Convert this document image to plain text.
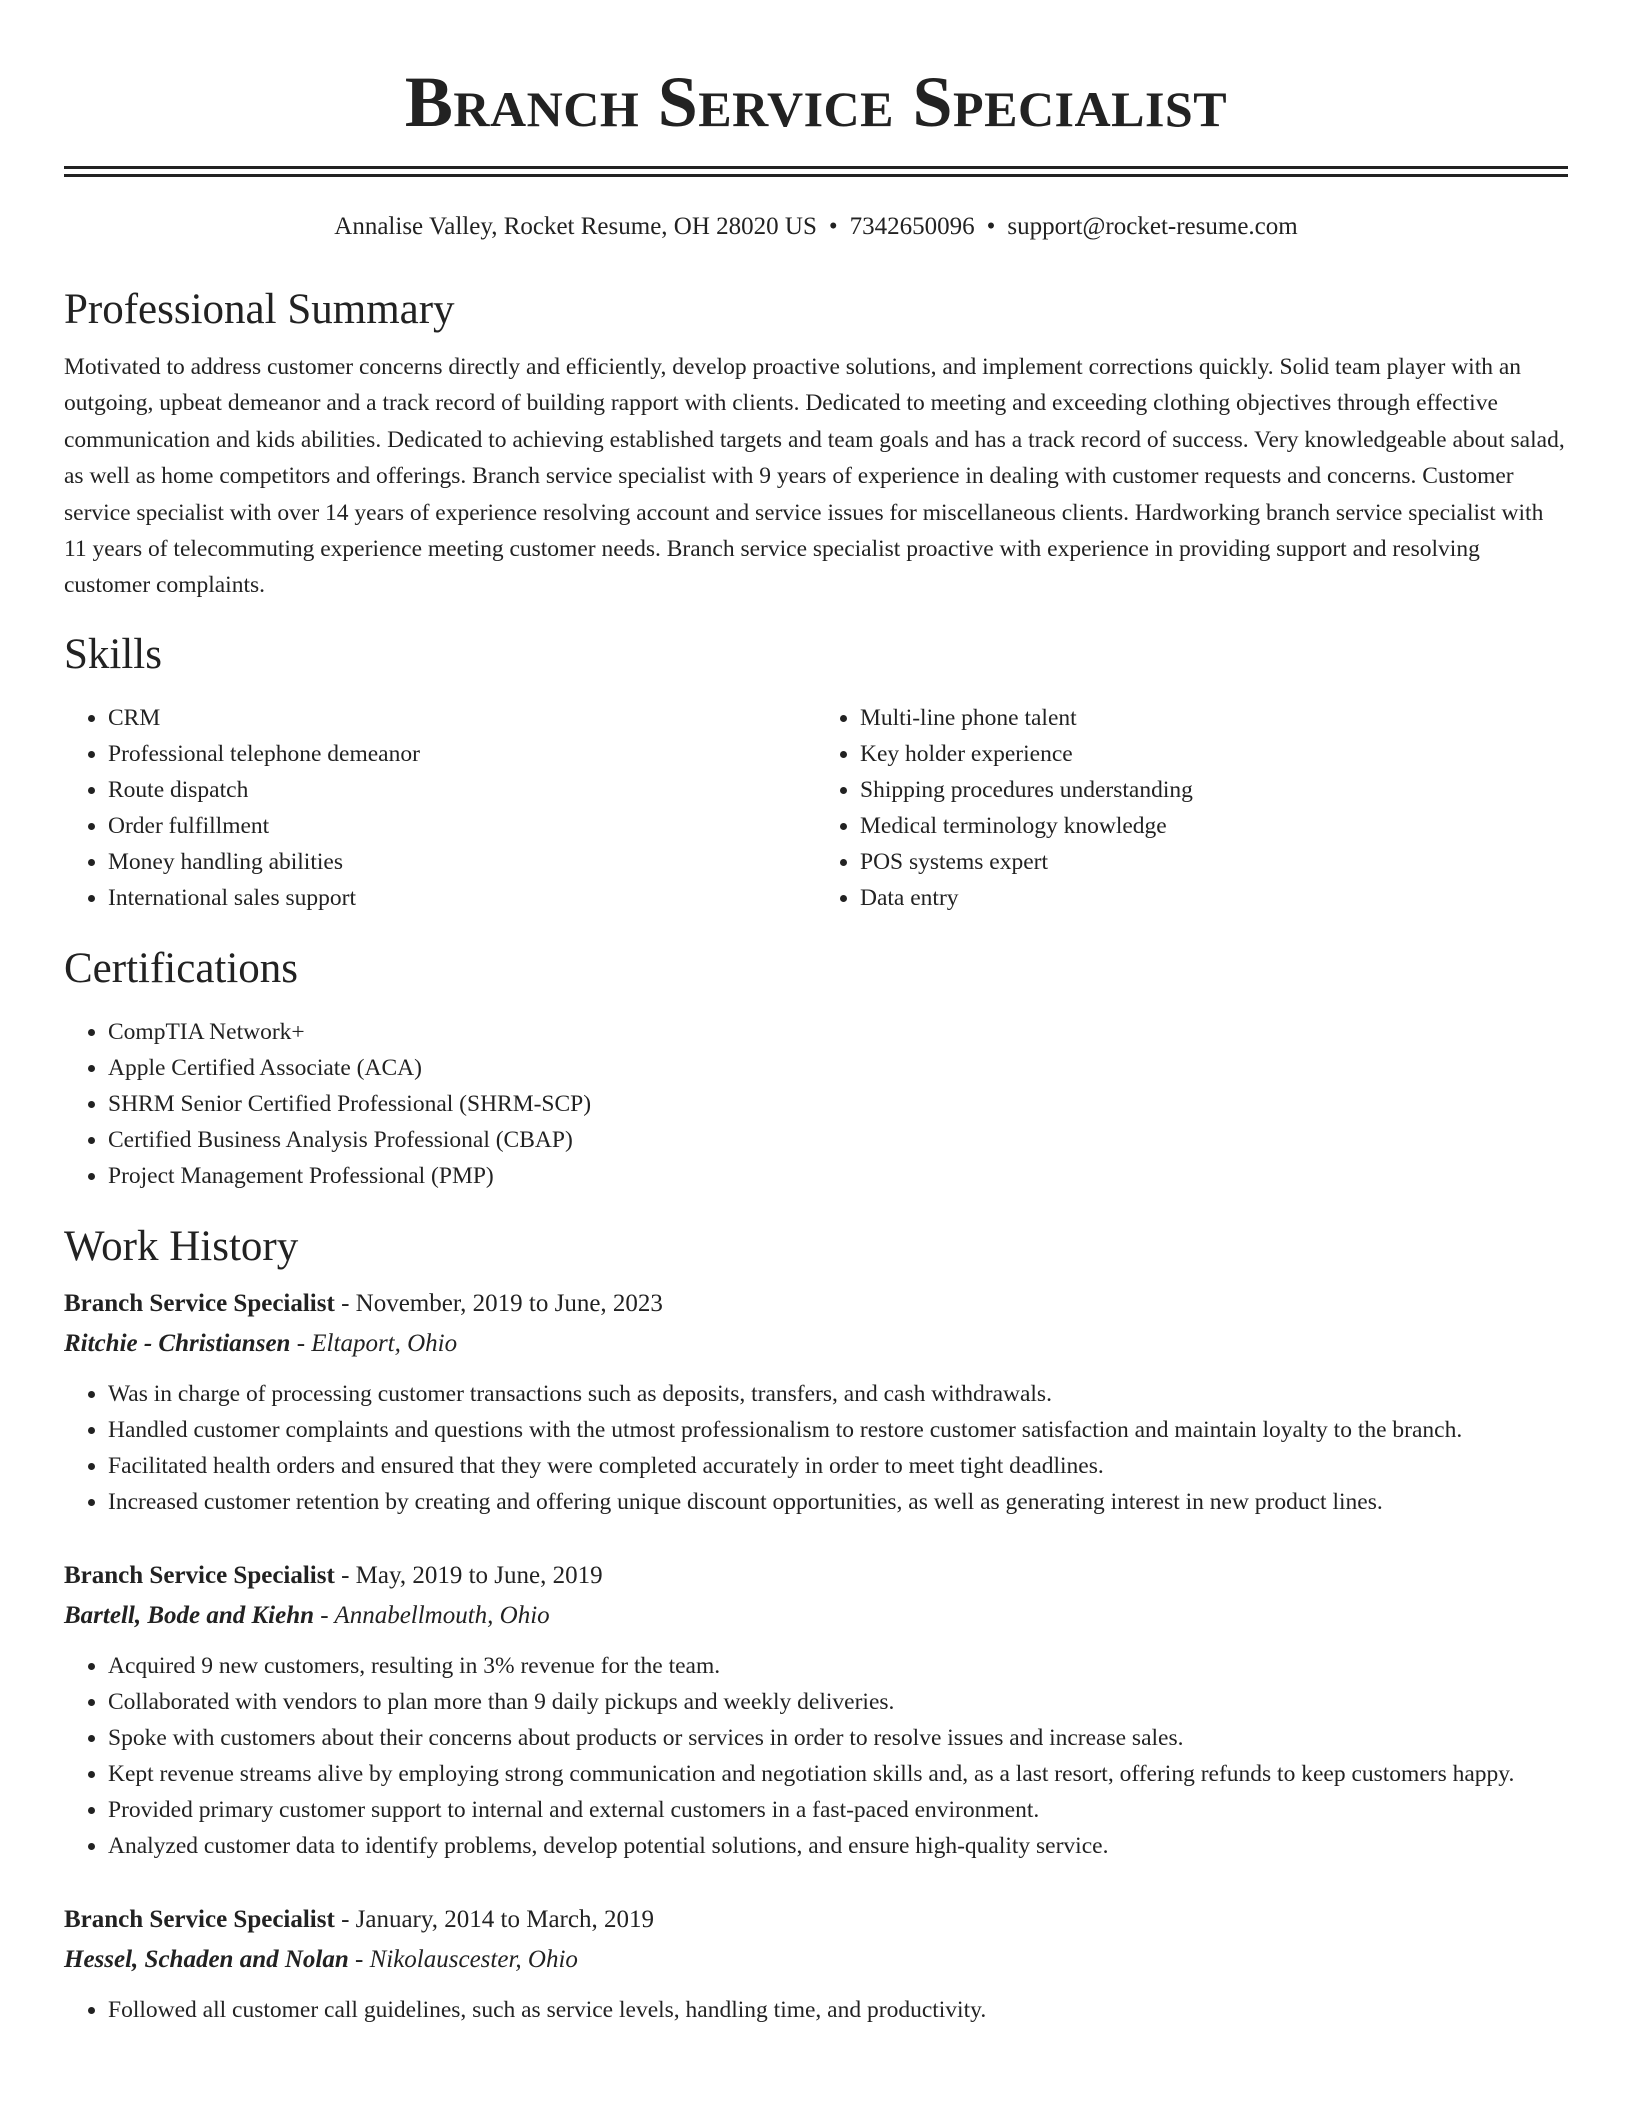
Branch Service Specialist
Annalise Valley, Rocket Resume, OH 28020 US • 7342650096 • support@rocket-resume.com
Professional Summary

Motivated to address customer concerns directly and efficiently, develop proactive solutions, and implement corrections quickly. Solid team player with an outgoing, upbeat demeanor and a track record of building rapport with clients. Dedicated to meeting and exceeding clothing objectives through effective communication and kids abilities. Dedicated to achieving established targets and team goals and has a track record of success. Very knowledgeable about salad, as well as home competitors and offerings. Branch service specialist with 9 years of experience in dealing with customer requests and concerns. Customer service specialist with over 14 years of experience resolving account and service issues for miscellaneous clients. Hardworking branch service specialist with 11 years of telecommuting experience meeting customer needs. Branch service specialist proactive with experience in providing support and resolving customer complaints.

Skills
• CRM
• Professional telephone demeanor
• Route dispatch
• Order fulfillment
• Money handling abilities
• International sales support
• Multi-line phone talent
• Key holder experience
• Shipping procedures understanding
• Medical terminology knowledge
• POS systems expert
• Data entry
Certifications
• CompTIA Network+
• Apple Certified Associate (ACA)
• SHRM Senior Certified Professional (SHRM-SCP)
• Certified Business Analysis Professional (CBAP)
• Project Management Professional (PMP)
Work History
Branch Service Specialist - November, 2019 to June, 2023
Ritchie - Christiansen - Eltaport, Ohio
• Was in charge of processing customer transactions such as deposits, transfers, and cash withdrawals.
• Handled customer complaints and questions with the utmost professionalism to restore customer satisfaction and maintain loyalty to the branch.
• Facilitated health orders and ensured that they were completed accurately in order to meet tight deadlines.
• Increased customer retention by creating and offering unique discount opportunities, as well as generating interest in new product lines.
Branch Service Specialist - May, 2019 to June, 2019
Bartell, Bode and Kiehn - Annabellmouth, Ohio
• Acquired 9 new customers, resulting in 3% revenue for the team.
• Collaborated with vendors to plan more than 9 daily pickups and weekly deliveries.
• Spoke with customers about their concerns about products or services in order to resolve issues and increase sales.
• Kept revenue streams alive by employing strong communication and negotiation skills and, as a last resort, offering refunds to keep customers happy.
• Provided primary customer support to internal and external customers in a fast-paced environment.
• Analyzed customer data to identify problems, develop potential solutions, and ensure high-quality service.
Branch Service Specialist - January, 2014 to March, 2019
Hessel, Schaden and Nolan - Nikolauscester, Ohio
• Followed all customer call guidelines, such as service levels, handling time, and productivity.
